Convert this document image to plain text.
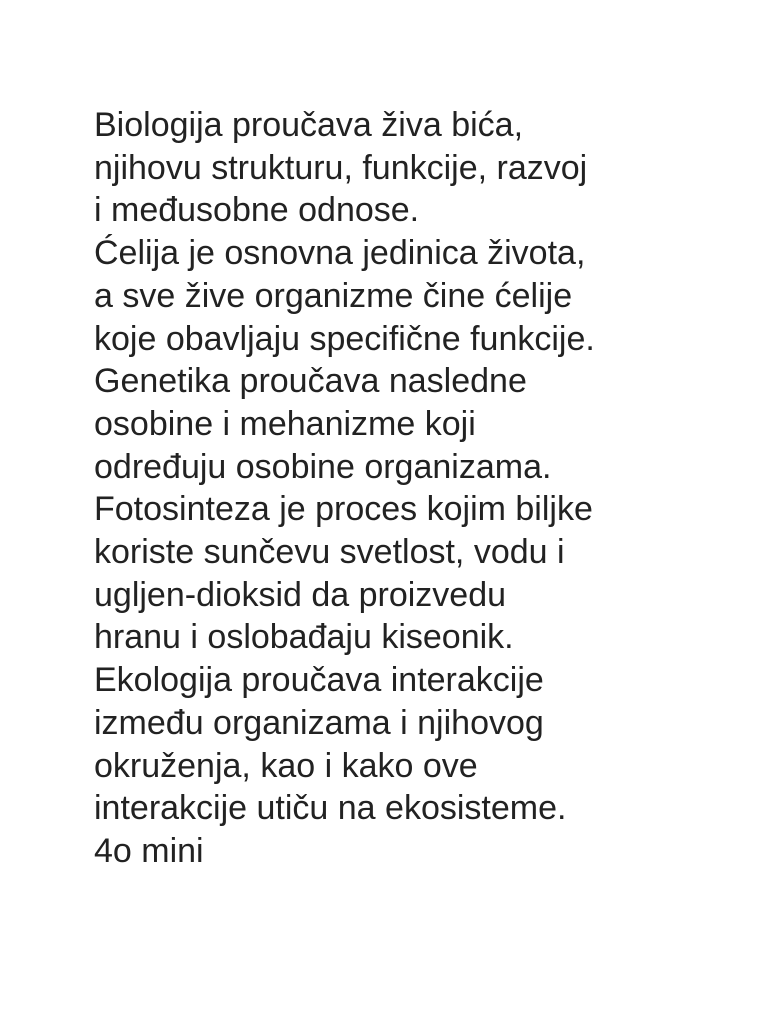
Biologija proučava živa bića,
njihovu strukturu, funkcije, razvoj
i međusobne odnose.
Ćelija je osnovna jedinica života,
a sve žive organizme čine ćelije
koje obavljaju specifične funkcije.
Genetika proučava nasledne
osobine i mehanizme koji
određuju osobine organizama.
Fotosinteza je proces kojim biljke
koriste sunčevu svetlost, vodu i
ugljen-dioksid da proizvedu
hranu i oslobađaju kiseonik.
Ekologija proučava interakcije
između organizama i njihovog
okruženja, kao i kako ove
interakcije utiču na ekosisteme.
4o mini
